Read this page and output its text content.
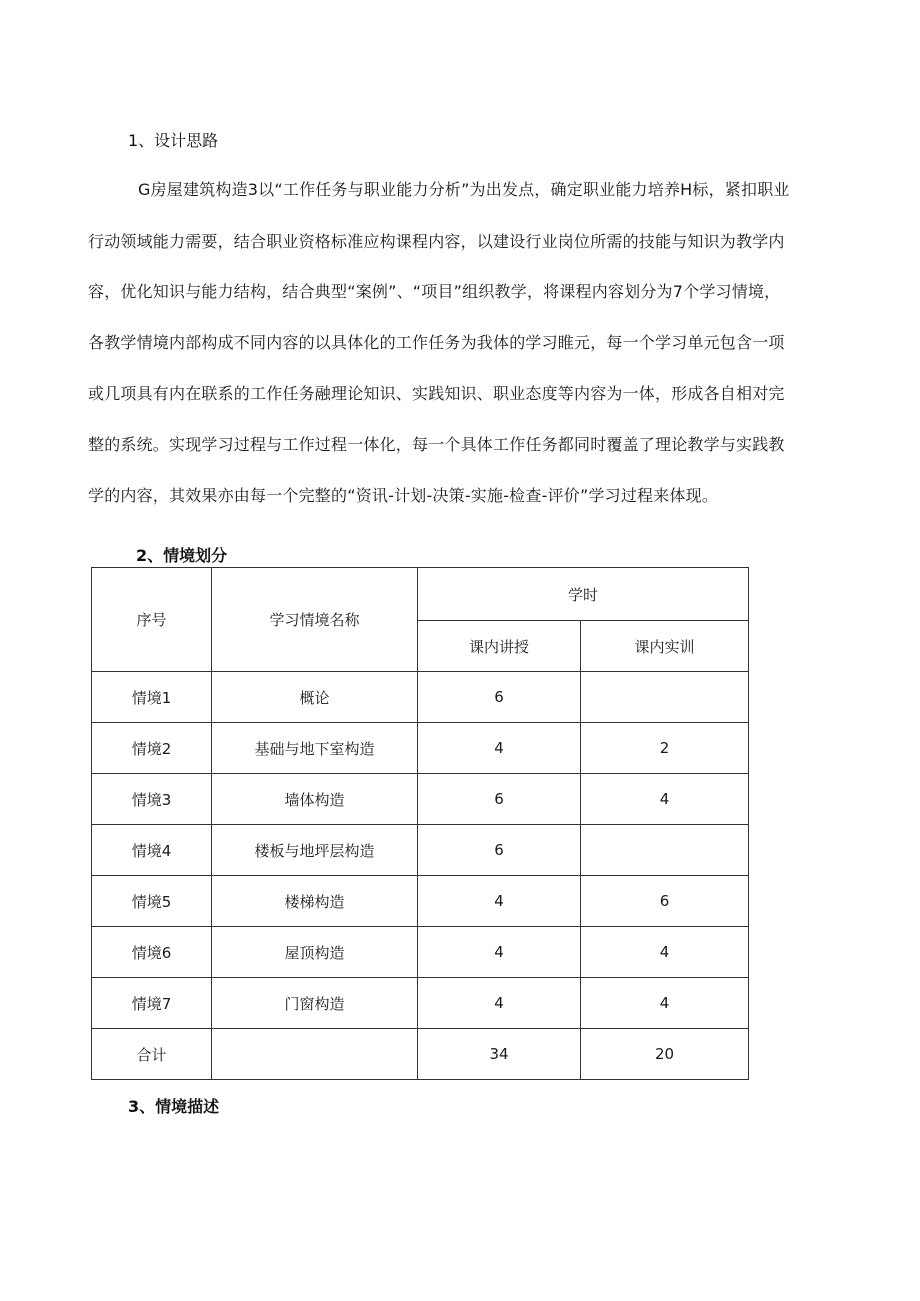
1、设计思路
G房屋建筑构造3以“工作任务与职业能力分析”为出发点，确定职业能力培养H标，紧扣职业
行动领域能力需要，结合职业资格标准应构课程内容，以建设行业岗位所需的技能与知识为教学内
容，优化知识与能力结构，结合典型“案例”、“项目”组织教学，将课程内容划分为7个学习情境，
各教学情境内部构成不同内容的以具体化的工作任务为我体的学习睢元，每一个学习单元包含一项
或几项具有内在联系的工作任务融理论知识、实践知识、职业态度等内容为一体，形成各自相对完
整的系统。实现学习过程与工作过程一体化，每一个具体工作任务都同时覆盖了理论教学与实践教
学的内容，其效果亦由每一个完整的“资讯-计划-决策-实施-检查-评价”学习过程来体现。
2、情境划分
序号	学习情境名称	学时	
		课内讲授	课内实训
情境1	概论	6	
情境2	基础与地下室构造	4	2
情境3	墙体构造	6	4
情境4	楼板与地坪层构造	6	
情境5	楼梯构造	4	6
情境6	屋顶构造	4	4
情境7	门窗构造	4	4
合计		34	20
3、情境描述
